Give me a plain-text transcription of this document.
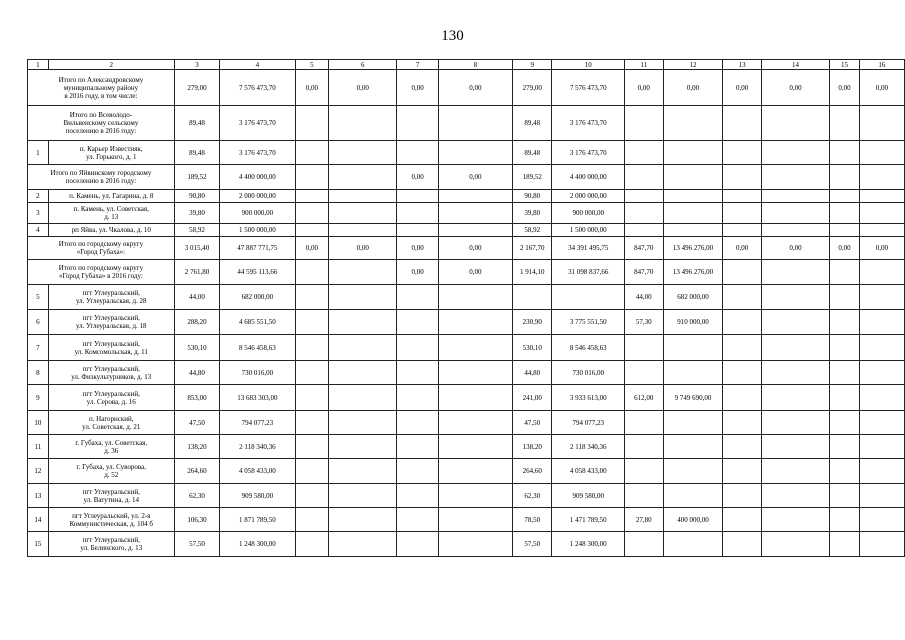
130
1	2	3	4	5	6	7	8	9	10	11	12	13	14	15	16
Итого по Александровскому
муниципальному району
в 2016 году, в том числе:		279,00	7 576 473,70	0,00	0,00	0,00	0,00	279,00	7 576 473,70	0,00	0,00	0,00	0,00	0,00	0,00
Итого по Всеволодо-
Вильвенскому сельскому
поселению в 2016 году:		89,48	3 176 473,70					89,48	3 176 473,70						
1	п. Карьер Известняк,
ул. Горького, д. 1	89,48	3 176 473,70					89,48	3 176 473,70						
Итого по Яйвинскому городскому
поселению в 2016 году:		189,52	4 400 000,00			0,00	0,00	189,52	4 400 000,00						
2	п. Камень, ул. Гагарина, д. 8	90,80	2 000 000,00					90,80	2 000 000,00						
3	п. Камень, ул. Советская,
д. 13	39,80	900 000,00					39,80	900 000,00						
4	рп Яйва, ул. Чкалова, д. 10	58,92	1 500 000,00					58,92	1 500 000,00						
Итого по городскому округу
«Город Губаха»:		3 015,40	47 887 771,75	0,00	0,00	0,00	0,00	2 167,70	34 391 495,75	847,70	13 496 276,00	0,00	0,00	0,00	0,00
Итого по городскому округу
«Город Губаха» в 2016 году:		2 761,80	44 595 113,66			0,00	0,00	1 914,10	31 098 837,66	847,70	13 496 276,00				
5	пгт Углеуральский,
ул. Углеуральская, д. 28	44,00	682 000,00							44,00	682 000,00				
6	пгт Углеуральский,
ул. Углеуральская, д. 18	288,20	4 685 551,50					230,90	3 775 551,50	57,30	910 000,00				
7	пгт Углеуральский,
ул. Комсомольская, д. 11	530,10	8 546 458,63					530,10	8 546 458,63						
8	пгт Углеуральский,
ул. Физкультурников, д. 13	44,80	730 016,00					44,80	730 016,00						
9	пгт Углеуральский,
ул. Серова, д. 16	853,00	13 683 303,00					241,00	3 933 613,00	612,00	9 749 690,00				
10	п. Нагорнский,
ул. Советская, д. 21	47,50	794 077,23					47,50	794 077,23						
11	г. Губаха, ул. Советская,
д. 36	138,20	2 118 340,36					138,20	2 118 340,36						
12	г. Губаха, ул. Суворова,
д. 52	264,60	4 058 433,00					264,60	4 058 433,00						
13	пгт Углеуральский,
ул. Ватутина, д. 14	62,30	909 580,00					62,30	909 580,00						
14	пгт Углеуральский, ул. 2-я
Коммунистическая, д. 104 б	106,30	1 871 789,50					78,50	1 471 789,50	27,80	400 000,00				
15	пгт Углеуральский,
ул. Белинского, д. 13	57,50	1 248 300,00					57,50	1 248 300,00						
